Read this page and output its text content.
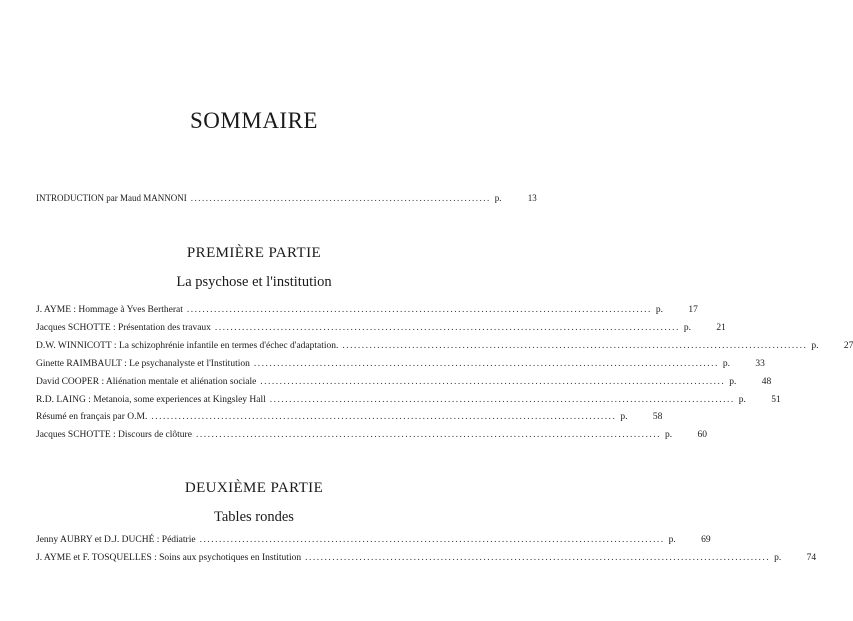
SOMMAIRE
INTRODUCTION par Maud MANNONI ................................................................................ p.	13
PREMIÈRE PARTIE
La psychose et l'institution
J. AYME : Hommage à Yves Bertherat ........................................................................................................................ p.	17
Jacques SCHOTTE : Présentation des travaux ........................................................................................................................ p.	21
D.W. WINNICOTT : La schizophrénie infantile en termes d'échec d'adaptation. ........................................................................................................................ p.	27
Ginette RAIMBAULT : Le psychanalyste et l'Institution ........................................................................................................................ p.	33
David COOPER : Aliénation mentale et aliénation sociale ........................................................................................................................ p.	48
R.D. LAING : Metanoia, some experiences at Kingsley Hall ........................................................................................................................ p.	51
Résumé en français par O.M. ........................................................................................................................ p.	58
Jacques SCHOTTE : Discours de clôture ........................................................................................................................ p.	60
DEUXIÈME PARTIE
Tables rondes
Jenny AUBRY et D.J. DUCHÉ : Pédiatrie ........................................................................................................................ p.	69
J. AYME et F. TOSQUELLES : Soins aux psychotiques en Institution ........................................................................................................................ p.	74
